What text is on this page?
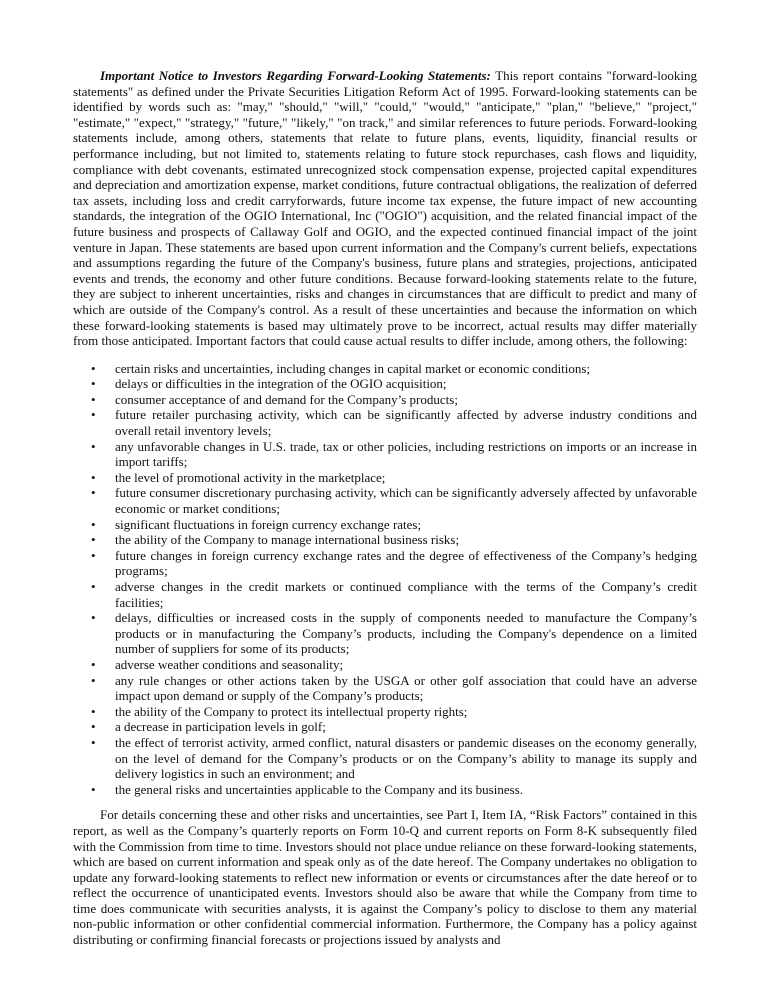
Important Notice to Investors Regarding Forward-Looking Statements: This report contains "forward-looking statements" as defined under the Private Securities Litigation Reform Act of 1995. Forward-looking statements can be identified by words such as: "may," "should," "will," "could," "would," "anticipate," "plan," "believe," "project," "estimate," "expect," "strategy," "future," "likely," "on track," and similar references to future periods. Forward-looking statements include, among others, statements that relate to future plans, events, liquidity, financial results or performance including, but not limited to, statements relating to future stock repurchases, cash flows and liquidity, compliance with debt covenants, estimated unrecognized stock compensation expense, projected capital expenditures and depreciation and amortization expense, market conditions, future contractual obligations, the realization of deferred tax assets, including loss and credit carryforwards, future income tax expense, the future impact of new accounting standards, the integration of the OGIO International, Inc ("OGIO") acquisition, and the related financial impact of the future business and prospects of Callaway Golf and OGIO, and the expected continued financial impact of the joint venture in Japan. These statements are based upon current information and the Company's current beliefs, expectations and assumptions regarding the future of the Company's business, future plans and strategies, projections, anticipated events and trends, the economy and other future conditions. Because forward-looking statements relate to the future, they are subject to inherent uncertainties, risks and changes in circumstances that are difficult to predict and many of which are outside of the Company's control. As a result of these uncertainties and because the information on which these forward-looking statements is based may ultimately prove to be incorrect, actual results may differ materially from those anticipated. Important factors that could cause actual results to differ include, among others, the following:

• certain risks and uncertainties, including changes in capital market or economic conditions;
• delays or difficulties in the integration of the OGIO acquisition;
• consumer acceptance of and demand for the Company’s products;
• future retailer purchasing activity, which can be significantly affected by adverse industry conditions and overall retail inventory levels;
• any unfavorable changes in U.S. trade, tax or other policies, including restrictions on imports or an increase in import tariffs;
• the level of promotional activity in the marketplace;
• future consumer discretionary purchasing activity, which can be significantly adversely affected by unfavorable economic or market conditions;
• significant fluctuations in foreign currency exchange rates;
• the ability of the Company to manage international business risks;
• future changes in foreign currency exchange rates and the degree of effectiveness of the Company’s hedging programs;
• adverse changes in the credit markets or continued compliance with the terms of the Company’s credit facilities;
• delays, difficulties or increased costs in the supply of components needed to manufacture the Company’s products or in manufacturing the Company’s products, including the Company's dependence on a limited number of suppliers for some of its products;
• adverse weather conditions and seasonality;
• any rule changes or other actions taken by the USGA or other golf association that could have an adverse impact upon demand or supply of the Company’s products;
• the ability of the Company to protect its intellectual property rights;
• a decrease in participation levels in golf;
• the effect of terrorist activity, armed conflict, natural disasters or pandemic diseases on the economy generally, on the level of demand for the Company’s products or on the Company’s ability to manage its supply and delivery logistics in such an environment; and
• the general risks and uncertainties applicable to the Company and its business.

For details concerning these and other risks and uncertainties, see Part I, Item IA, “Risk Factors” contained in this report, as well as the Company’s quarterly reports on Form 10-Q and current reports on Form 8-K subsequently filed with the Commission from time to time. Investors should not place undue reliance on these forward-looking statements, which are based on current information and speak only as of the date hereof. The Company undertakes no obligation to update any forward-looking statements to reflect new information or events or circumstances after the date hereof or to reflect the occurrence of unanticipated events. Investors should also be aware that while the Company from time to time does communicate with securities analysts, it is against the Company’s policy to disclose to them any material non-public information or other confidential commercial information. Furthermore, the Company has a policy against distributing or confirming financial forecasts or projections issued by analysts and
